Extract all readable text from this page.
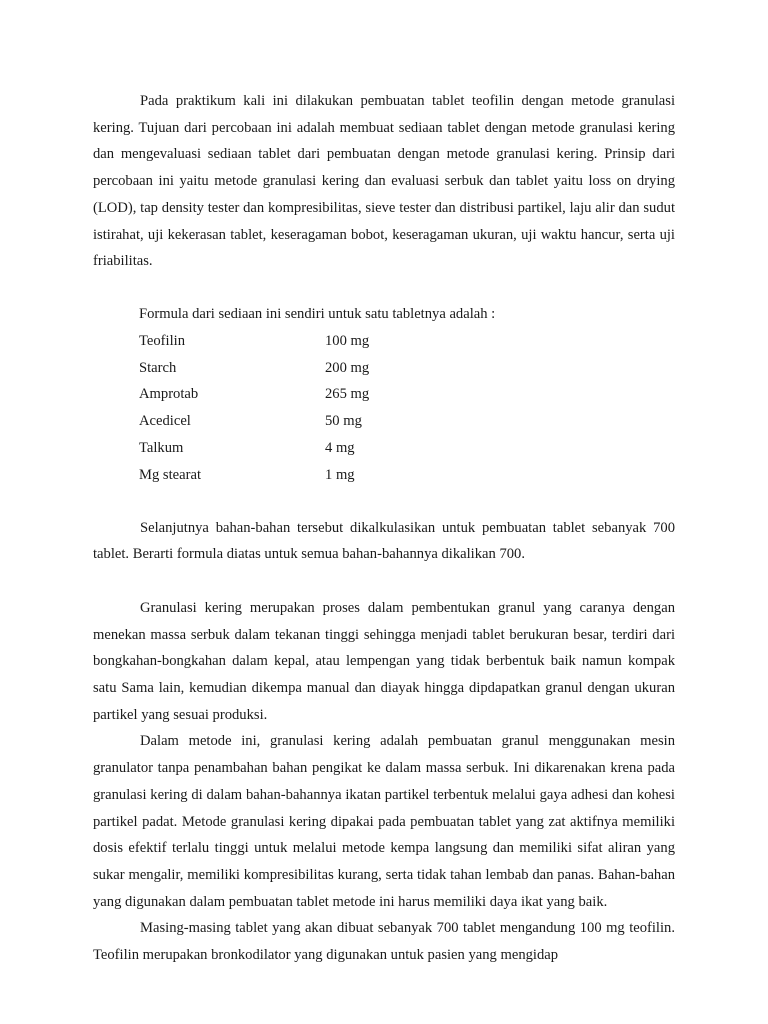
Pada praktikum kali ini dilakukan pembuatan tablet teofilin dengan metode granulasi kering. Tujuan dari percobaan ini adalah membuat sediaan tablet dengan metode granulasi kering dan mengevaluasi sediaan tablet dari pembuatan dengan metode granulasi kering. Prinsip dari percobaan ini yaitu metode granulasi kering dan evaluasi serbuk dan tablet yaitu loss on drying (LOD), tap density tester dan kompresibilitas, sieve tester dan distribusi partikel, laju alir dan sudut istirahat, uji kekerasan tablet, keseragaman bobot, keseragaman ukuran, uji waktu hancur, serta uji friabilitas.

Formula dari sediaan ini sendiri untuk satu tabletnya adalah :

Teofilin	100 mg
Starch	200 mg
Amprotab	265 mg
Acedicel	50 mg
Talkum	4 mg
Mg stearat	1 mg

Selanjutnya bahan-bahan tersebut dikalkulasikan untuk pembuatan tablet sebanyak 700 tablet. Berarti formula diatas untuk semua bahan-bahannya dikalikan 700.

Granulasi kering merupakan proses dalam pembentukan granul yang caranya dengan menekan massa serbuk dalam tekanan tinggi sehingga menjadi tablet berukuran besar, terdiri dari bongkahan-bongkahan dalam kepal, atau lempengan yang tidak berbentuk baik namun kompak satu Sama lain, kemudian dikempa manual dan diayak hingga dipdapatkan granul dengan ukuran partikel yang sesuai produksi.

Dalam metode ini, granulasi kering adalah pembuatan granul menggunakan mesin granulator tanpa penambahan bahan pengikat ke dalam massa serbuk. Ini dikarenakan krena pada granulasi kering di dalam bahan-bahannya ikatan partikel terbentuk melalui gaya adhesi dan kohesi partikel padat. Metode granulasi kering dipakai pada pembuatan tablet yang zat aktifnya memiliki dosis efektif terlalu tinggi untuk melalui metode kempa langsung dan memiliki sifat aliran yang sukar mengalir, memiliki kompresibilitas kurang, serta tidak tahan lembab dan panas. Bahan-bahan yang digunakan dalam pembuatan tablet metode ini harus memiliki daya ikat yang baik.

Masing-masing tablet yang akan dibuat sebanyak 700 tablet mengandung 100 mg teofilin. Teofilin merupakan bronkodilator yang digunakan untuk pasien yang mengidap
